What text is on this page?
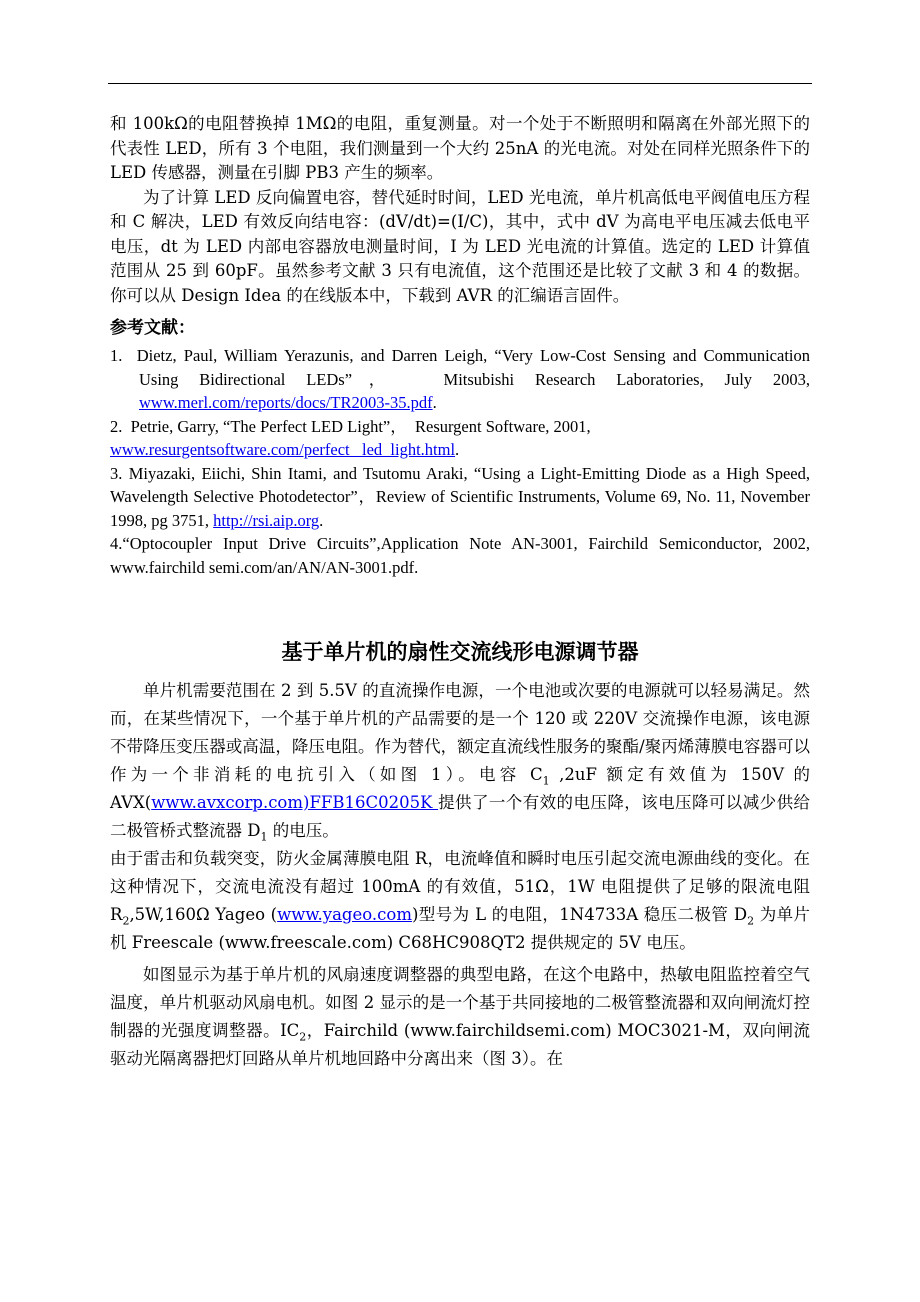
和 100kΩ的电阻替换掉 1MΩ的电阻，重复测量。对一个处于不断照明和隔离在外部光照下的代表性 LED，所有 3 个电阻，我们测量到一个大约 25nA 的光电流。对处在同样光照条件下的 LED 传感器，测量在引脚 PB3 产生的频率。

为了计算 LED 反向偏置电容，替代延时时间，LED 光电流，单片机高低电平阀值电压方程和 C 解决，LED 有效反向结电容：(dV/dt)=(I/C)，其中，式中 dV 为高电平电压减去低电平电压，dt 为 LED 内部电容器放电测量时间，I 为 LED 光电流的计算值。选定的 LED 计算值范围从 25 到 60pF。虽然参考文献 3 只有电流值，这个范围还是比较了文献 3 和 4 的数据。你可以从 Design Idea 的在线版本中，下载到 AVR 的汇编语言固件。

参考文献：

1.  Dietz, Paul, William Yerazunis, and Darren Leigh, “Very Low-Cost Sensing and Communication Using Bidirectional LEDs”，  Mitsubishi Research Laboratories, July 2003, www.merl.com/reports/docs/TR2003-35.pdf.

2.  Petrie, Garry, “The Perfect LED Light”，  Resurgent Software, 2001,
www.resurgentsoftware.com/perfect_ led_light.html.

3. Miyazaki, Eiichi, Shin Itami, and Tsutomu Araki, “Using a Light-Emitting Diode as a High Speed, Wavelength Selective Photodetector”，Review of Scientific Instruments, Volume 69, No. 11, November 1998, pg 3751, http://rsi.aip.org.

4.“Optocoupler Input Drive Circuits”,Application Note AN-3001, Fairchild Semiconductor, 2002, www.fairchild semi.com/an/AN/AN-3001.pdf.

基于单片机的扇性交流线形电源调节器

单片机需要范围在 2 到 5.5V 的直流操作电源，一个电池或次要的电源就可以轻易满足。然而，在某些情况下，一个基于单片机的产品需要的是一个 120 或 220V 交流操作电源，该电源不带降压变压器或高温，降压电阻。作为替代，额定直流线性服务的聚酯/聚丙烯薄膜电容器可以作为一个非消耗的电抗引入（如图 1）。电容 $C_1$ ,2uF 额定有效值为 150V 的 AVX(www.avxcorp.com)FFB16C0205K 提供了一个有效的电压降，该电压降可以减少供给二极管桥式整流器 $D_1$ 的电压。

由于雷击和负载突变，防火金属薄膜电阻 R，电流峰值和瞬时电压引起交流电源曲线的变化。在这种情况下，交流电流没有超过 100mA 的有效值，51Ω，1W 电阻提供了足够的限流电阻 $R_2,5W,160\Omega$ Yageo (www.yageo.com)型号为 L 的电阻，1N4733A 稳压二极管 $D_2$ 为单片机 Freescale (www.freescale.com) C68HC908QT2 提供规定的 5V 电压。

如图显示为基于单片机的风扇速度调整器的典型电路，在这个电路中，热敏电阻监控着空气温度，单片机驱动风扇电机。如图 2 显示的是一个基于共同接地的二极管整流器和双向闸流灯控制器的光强度调整器。$IC_2$，Fairchild (www.fairchildsemi.com) MOC3021-M，双向闸流驱动光隔离器把灯回路从单片机地回路中分离出来（图 3）。在
